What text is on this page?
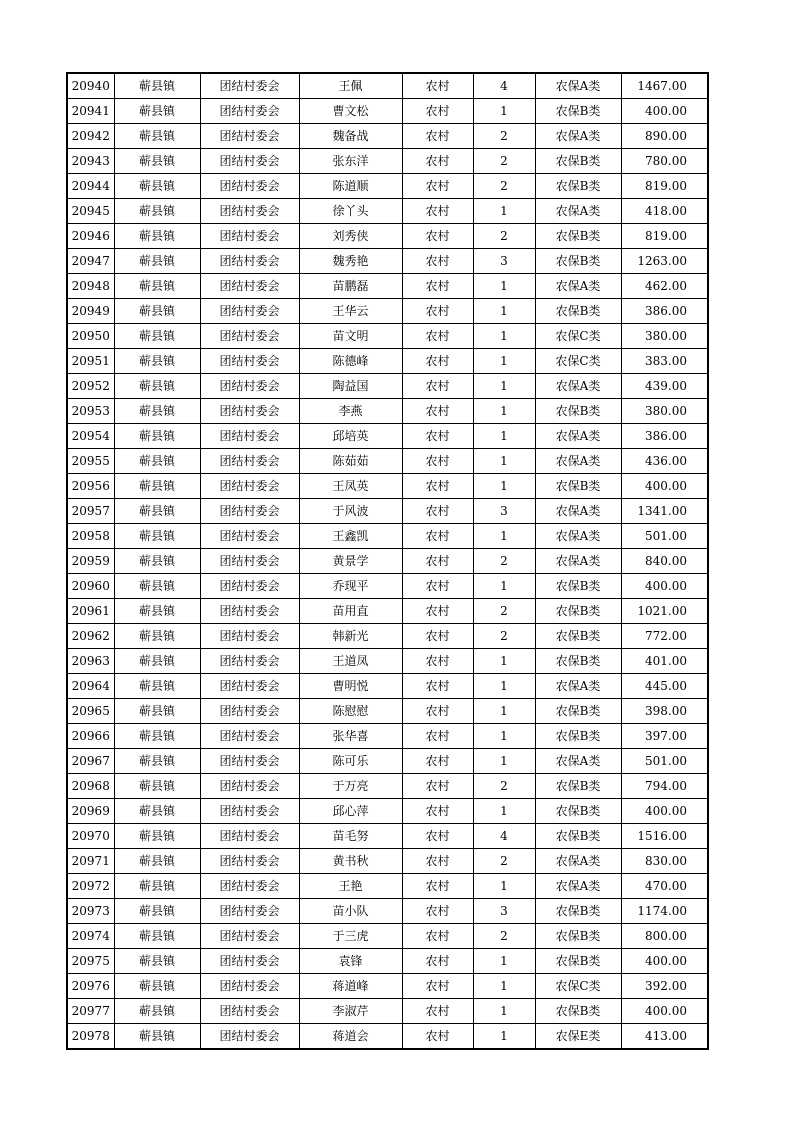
20940	蕲县镇	团结村委会	王佩	农村	4	农保A类	1467.00
20941	蕲县镇	团结村委会	曹文松	农村	1	农保B类	400.00
20942	蕲县镇	团结村委会	魏备战	农村	2	农保A类	890.00
20943	蕲县镇	团结村委会	张东洋	农村	2	农保B类	780.00
20944	蕲县镇	团结村委会	陈道顺	农村	2	农保B类	819.00
20945	蕲县镇	团结村委会	徐丫头	农村	1	农保A类	418.00
20946	蕲县镇	团结村委会	刘秀侠	农村	2	农保B类	819.00
20947	蕲县镇	团结村委会	魏秀艳	农村	3	农保B类	1263.00
20948	蕲县镇	团结村委会	苗鹏磊	农村	1	农保A类	462.00
20949	蕲县镇	团结村委会	王华云	农村	1	农保B类	386.00
20950	蕲县镇	团结村委会	苗文明	农村	1	农保C类	380.00
20951	蕲县镇	团结村委会	陈德峰	农村	1	农保C类	383.00
20952	蕲县镇	团结村委会	陶益国	农村	1	农保A类	439.00
20953	蕲县镇	团结村委会	李燕	农村	1	农保B类	380.00
20954	蕲县镇	团结村委会	邱培英	农村	1	农保A类	386.00
20955	蕲县镇	团结村委会	陈茹茹	农村	1	农保A类	436.00
20956	蕲县镇	团结村委会	王凤英	农村	1	农保B类	400.00
20957	蕲县镇	团结村委会	于风波	农村	3	农保A类	1341.00
20958	蕲县镇	团结村委会	王鑫凯	农村	1	农保A类	501.00
20959	蕲县镇	团结村委会	黄景学	农村	2	农保A类	840.00
20960	蕲县镇	团结村委会	乔现平	农村	1	农保B类	400.00
20961	蕲县镇	团结村委会	苗用直	农村	2	农保B类	1021.00
20962	蕲县镇	团结村委会	韩新光	农村	2	农保B类	772.00
20963	蕲县镇	团结村委会	王道凤	农村	1	农保B类	401.00
20964	蕲县镇	团结村委会	曹明悦	农村	1	农保A类	445.00
20965	蕲县镇	团结村委会	陈慰慰	农村	1	农保B类	398.00
20966	蕲县镇	团结村委会	张华喜	农村	1	农保B类	397.00
20967	蕲县镇	团结村委会	陈可乐	农村	1	农保A类	501.00
20968	蕲县镇	团结村委会	于万亮	农村	2	农保B类	794.00
20969	蕲县镇	团结村委会	邱心萍	农村	1	农保B类	400.00
20970	蕲县镇	团结村委会	苗毛努	农村	4	农保B类	1516.00
20971	蕲县镇	团结村委会	黄书秋	农村	2	农保A类	830.00
20972	蕲县镇	团结村委会	王艳	农村	1	农保A类	470.00
20973	蕲县镇	团结村委会	苗小队	农村	3	农保B类	1174.00
20974	蕲县镇	团结村委会	于三虎	农村	2	农保B类	800.00
20975	蕲县镇	团结村委会	袁锋	农村	1	农保B类	400.00
20976	蕲县镇	团结村委会	蒋道峰	农村	1	农保C类	392.00
20977	蕲县镇	团结村委会	李淑芹	农村	1	农保B类	400.00
20978	蕲县镇	团结村委会	蒋道会	农村	1	农保E类	413.00
